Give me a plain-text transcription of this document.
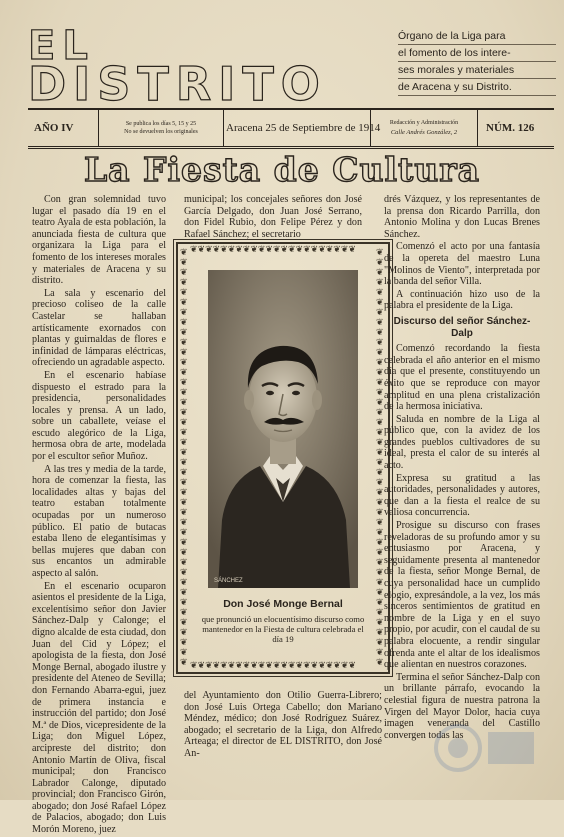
EL
DISTRITO
Órgano de la Liga para
el fomento de los intere-
ses morales y materiales
de Aracena y su Distrito.
AÑO IV	Se publica los días 5, 15 y 25
No se devuelven los originales	Aracena 25 de Septiembre de 1914	Redacción y Administración
Calle Andrés González, 2	NÚM. 126
La Fiesta de Cultura

Con gran solemnidad tuvo lugar el pasado día 19 en el teatro Ayala de esta población, la anunciada fiesta de cultura que organizara la Liga para el fomento de los intereses morales y materiales de Aracena y su distrito.

La sala y escenario del precioso coliseo de la calle Castelar se hallaban artísticamente exornados con plantas y guirnaldas de flores e infinidad de lámparas eléctricas, ofreciendo un agradable aspecto.

En el escenario habíase dispuesto el estrado para la presidencia, personalidades locales y prensa. A un lado, sobre un caballete, veíase el escudo alegórico de la Liga, hermosa obra de arte, modelada por el escultor señor Muñoz.

A las tres y media de la tarde, hora de comenzar la fiesta, las localidades altas y bajas del teatro estaban totalmente ocupadas por un numeroso público. El patio de butacas estaba lleno de elegantísimas y bellas mujeres que daban con sus encantos un admirable aspecto al salón.

En el escenario ocuparon asientos el presidente de la Liga, excelentísimo señor don Javier Sánchez-Dalp y Calonge; el digno alcalde de esta ciudad, don Juan del Cid y López; el apologista de la fiesta, don José Monge Bernal, abogado ilustre y presidente del Ateneo de Sevilla; don Fernando Abarra-egui, juez de primera instancia e instrucción del partido; don José M.ª de Dios, vicepresidente de la Liga; don Miguel López, arcipreste del distrito; don Antonio Martín de Oliva, fiscal municipal; don Francisco Labrador Calonge, diputado provincial; don Francisco Girón, abogado; don José Rafael López de Palacios, abogado; don Luis Morón Moreno, juez

municipal; los concejales señores don José García Delgado, don Juan José Serrano, don Fidel Rubio, don Felipe Pérez y don Rafael Sánchez; el secretario

❦❦❦❦❦❦❦❦❦❦❦❦❦❦❦❦❦❦❦❦❦❦
❦❦❦❦❦❦❦❦❦❦❦❦❦❦❦❦❦❦❦❦❦❦
❦
❦
❦
❦
❦
❦
❦
❦
❦
❦
❦
❦
❦
❦
❦
❦
❦
❦
❦
❦
❦
❦
❦
❦
❦
❦
❦
❦
❦
❦
❦
❦
❦
❦
❦
❦
❦
❦
❦
❦
❦
❦
❦
❦
❦
❦
❦
❦
❦
❦
❦
❦
❦
❦
❦
❦
❦
❦
❦
❦
❦
❦
❦
❦
❦
❦
❦
❦
❦
❦
❦
❦
❦
❦
❦
❦
❦
❦
❦
❦
❦
❦
❦
❦
SÁNCHEZ
Don José Monge Bernal
que pronunció un elocuentísimo discurso como mantenedor en la Fiesta de cultura celebrada el día 19

del Ayuntamiento don Otilio Guerra-Librero; don José Luis Ortega Cabello; don Mariano Méndez, médico; don José Rodríguez Suárez, abogado; el secretario de la Liga, don Alfredo Arteaga; el director de EL DISTRITO, don José An-

drés Vázquez, y los representantes de la prensa don Ricardo Parrilla, don Antonio Molina y don Lucas Brenes Sánchez.

Comenzó el acto por una fantasía de la opereta del maestro Luna "Molinos de Viento", interpretada por la banda del señor Villa.

A continuación hizo uso de la palabra el presidente de la Liga.

Discurso del señor Sánchez-Dalp

Comenzó recordando la fiesta celebrada el año anterior en el mismo día que el presente, constituyendo un éxito que se reproduce con mayor amplitud en una plena cristalización de la hermosa iniciativa.

Saluda en nombre de la Liga al público que, con la avidez de los grandes pueblos cultivadores de su ideal, presta el calor de su interés al acto.

Expresa su gratitud a las autoridades, personalidades y autores, que dan a la fiesta el realce de su valiosa concurrencia.

Prosigue su discurso con frases reveladoras de su profundo amor y su entusiasmo por Aracena, y seguidamente presenta al mantenedor de la fiesta, señor Monge Bernal, de cuya personalidad hace un cumplido elogio, expresándole, a la vez, los más sinceros sentimientos de gratitud en nombre de la Liga y en el suyo propio, por acudir, con el caudal de su palabra elocuente, a rendir singular ofrenda ante el altar de los idealismos que alientan en nuestros corazones.

Termina el señor Sánchez-Dalp con un brillante párrafo, evocando la celestial figura de nuestra patrona la Virgen del Mayor Dolor, hacia cuya imagen veneranda del Castillo convergen todas las
